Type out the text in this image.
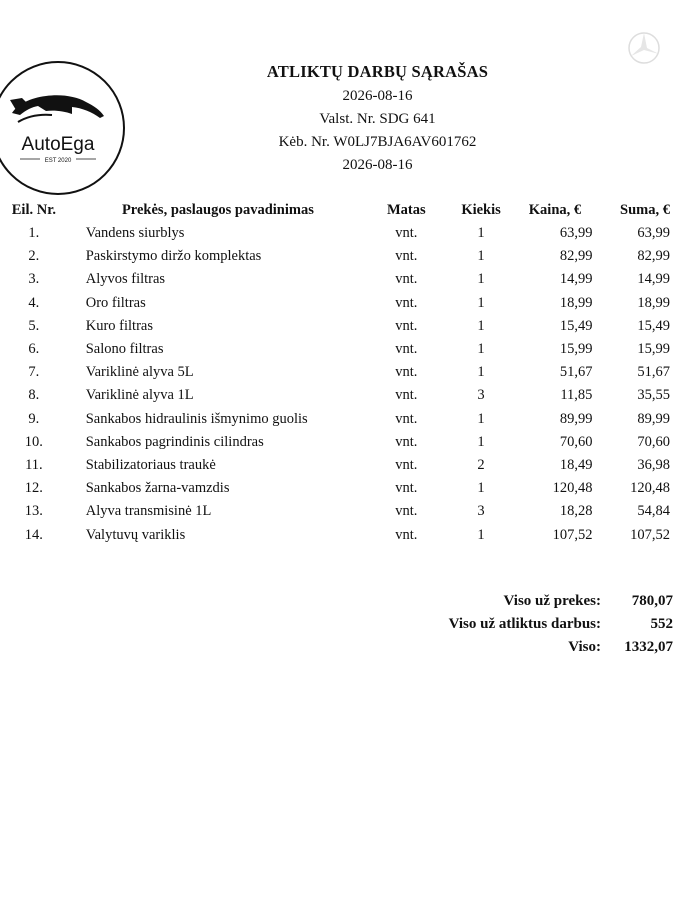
AutoEga
EST 2020
ATLIKTŲ DARBŲ SĄRAŠAS
2026-08-16
Valst. Nr. SDG 641
Kėb. Nr. W0LJ7BJA6AV601762
2026-08-16
Eil. Nr.	Prekės, paslaugos pavadinimas	Matas	Kiekis	Kaina, €	Suma, €
1.	Vandens siurblys	vnt.	1	63,99	63,99
2.	Paskirstymo diržo komplektas	vnt.	1	82,99	82,99
3.	Alyvos filtras	vnt.	1	14,99	14,99
4.	Oro filtras	vnt.	1	18,99	18,99
5.	Kuro filtras	vnt.	1	15,49	15,49
6.	Salono filtras	vnt.	1	15,99	15,99
7.	Variklinė alyva 5L	vnt.	1	51,67	51,67
8.	Variklinė alyva 1L	vnt.	3	11,85	35,55
9.	Sankabos hidraulinis išmynimo guolis	vnt.	1	89,99	89,99
10.	Sankabos pagrindinis cilindras	vnt.	1	70,60	70,60
11.	Stabilizatoriaus traukė	vnt.	2	18,49	36,98
12.	Sankabos žarna-vamzdis	vnt.	1	120,48	120,48
13.	Alyva transmisinė 1L	vnt.	3	18,28	54,84
14.	Valytuvų variklis	vnt.	1	107,52	107,52
Viso už prekes:	780,07
Viso už atliktus darbus:	552
Viso:	1332,07
